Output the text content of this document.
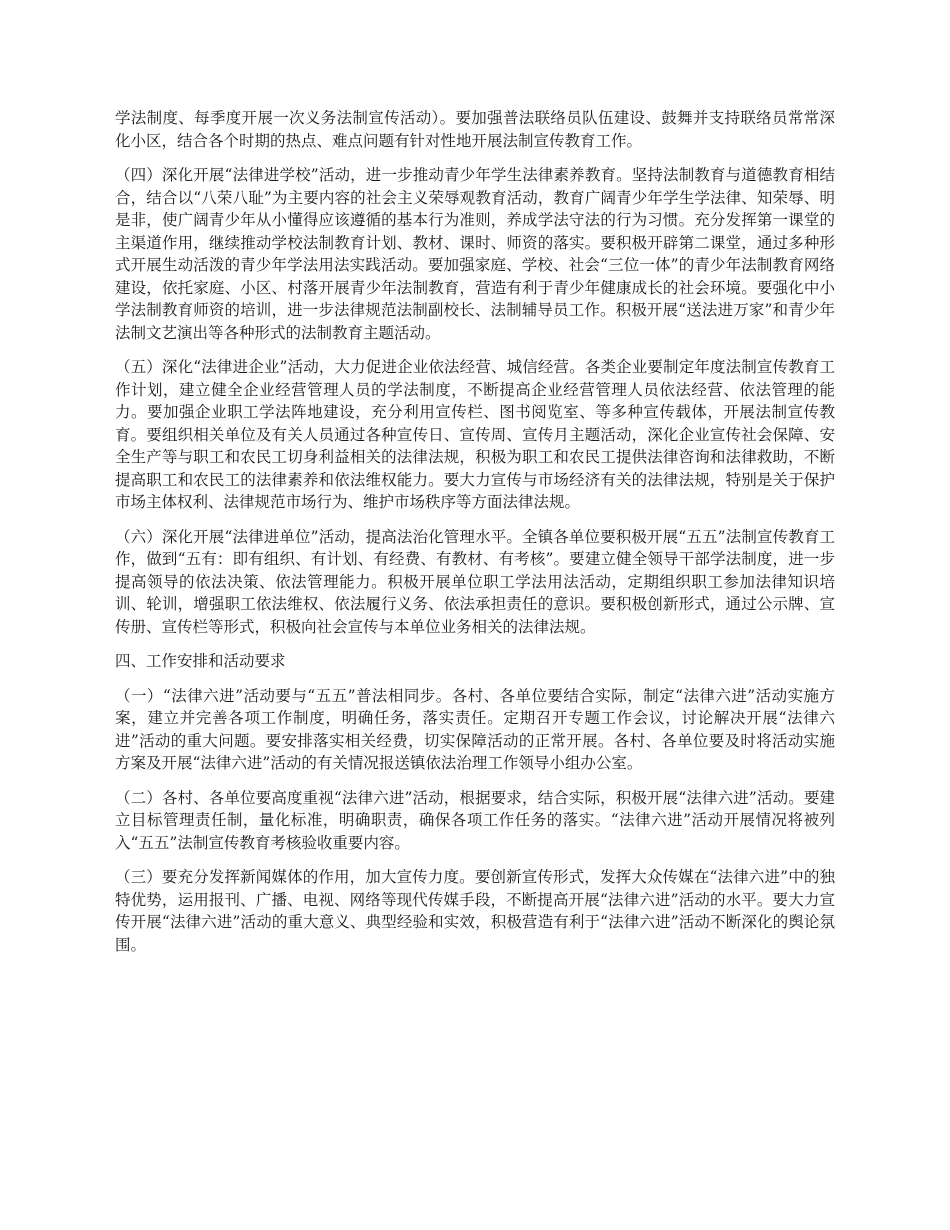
学法制度、每季度开展一次义务法制宣传活动）。要加强普法联络员队伍建设、鼓舞并支持联络员常常深化小区，结合各个时期的热点、难点问题有针对性地开展法制宣传教育工作。

（四）深化开展“法律进学校”活动，进一步推动青少年学生法律素养教育。坚持法制教育与道德教育相结合，结合以“八荣八耻”为主要内容的社会主义荣辱观教育活动，教育广阔青少年学生学法律、知荣辱、明是非，使广阔青少年从小懂得应该遵循的基本行为准则，养成学法守法的行为习惯。充分发挥第一课堂的主渠道作用，继续推动学校法制教育计划、教材、课时、师资的落实。要积极开辟第二课堂，通过多种形式开展生动活泼的青少年学法用法实践活动。要加强家庭、学校、社会“三位一体”的青少年法制教育网络建设，依托家庭、小区、村落开展青少年法制教育，营造有利于青少年健康成长的社会环境。要强化中小学法制教育师资的培训，进一步法律规范法制副校长、法制辅导员工作。积极开展“送法进万家”和青少年法制文艺演出等各种形式的法制教育主题活动。

（五）深化“法律进企业”活动，大力促进企业依法经营、城信经营。各类企业要制定年度法制宣传教育工作计划，建立健全企业经营管理人员的学法制度，不断提高企业经营管理人员依法经营、依法管理的能力。要加强企业职工学法阵地建设，充分利用宣传栏、图书阅览室、等多种宣传载体，开展法制宣传教育。要组织相关单位及有关人员通过各种宣传日、宣传周、宣传月主题活动，深化企业宣传社会保障、安全生产等与职工和农民工切身利益相关的法律法规，积极为职工和农民工提供法律咨询和法律救助，不断提高职工和农民工的法律素养和依法维权能力。要大力宣传与市场经济有关的法律法规，特别是关于保护市场主体权利、法律规范市场行为、维护市场秩序等方面法律法规。

（六）深化开展“法律进单位”活动，提高法治化管理水平。全镇各单位要积极开展“五五”法制宣传教育工作，做到“五有：即有组织、有计划、有经费、有教材、有考核”。要建立健全领导干部学法制度，进一步提高领导的依法决策、依法管理能力。积极开展单位职工学法用法活动，定期组织职工参加法律知识培训、轮训，增强职工依法维权、依法履行义务、依法承担责任的意识。要积极创新形式，通过公示牌、宣传册、宣传栏等形式，积极向社会宣传与本单位业务相关的法律法规。

四、工作安排和活动要求

（一）“法律六进”活动要与“五五”普法相同步。各村、各单位要结合实际，制定“法律六进”活动实施方案，建立并完善各项工作制度，明确任务，落实责任。定期召开专题工作会议，讨论解决开展“法律六进”活动的重大问题。要安排落实相关经费，切实保障活动的正常开展。各村、各单位要及时将活动实施方案及开展“法律六进”活动的有关情况报送镇依法治理工作领导小组办公室。

（二）各村、各单位要高度重视“法律六进”活动，根据要求，结合实际，积极开展“法律六进”活动。要建立目标管理责任制，量化标准，明确职责，确保各项工作任务的落实。“法律六进”活动开展情况将被列入“五五”法制宣传教育考核验收重要内容。

（三）要充分发挥新闻媒体的作用，加大宣传力度。要创新宣传形式，发挥大众传媒在“法律六进”中的独特优势，运用报刊、广播、电视、网络等现代传媒手段，不断提高开展“法律六进”活动的水平。要大力宣传开展“法律六进”活动的重大意义、典型经验和实效，积极营造有利于“法律六进”活动不断深化的舆论氛围。
